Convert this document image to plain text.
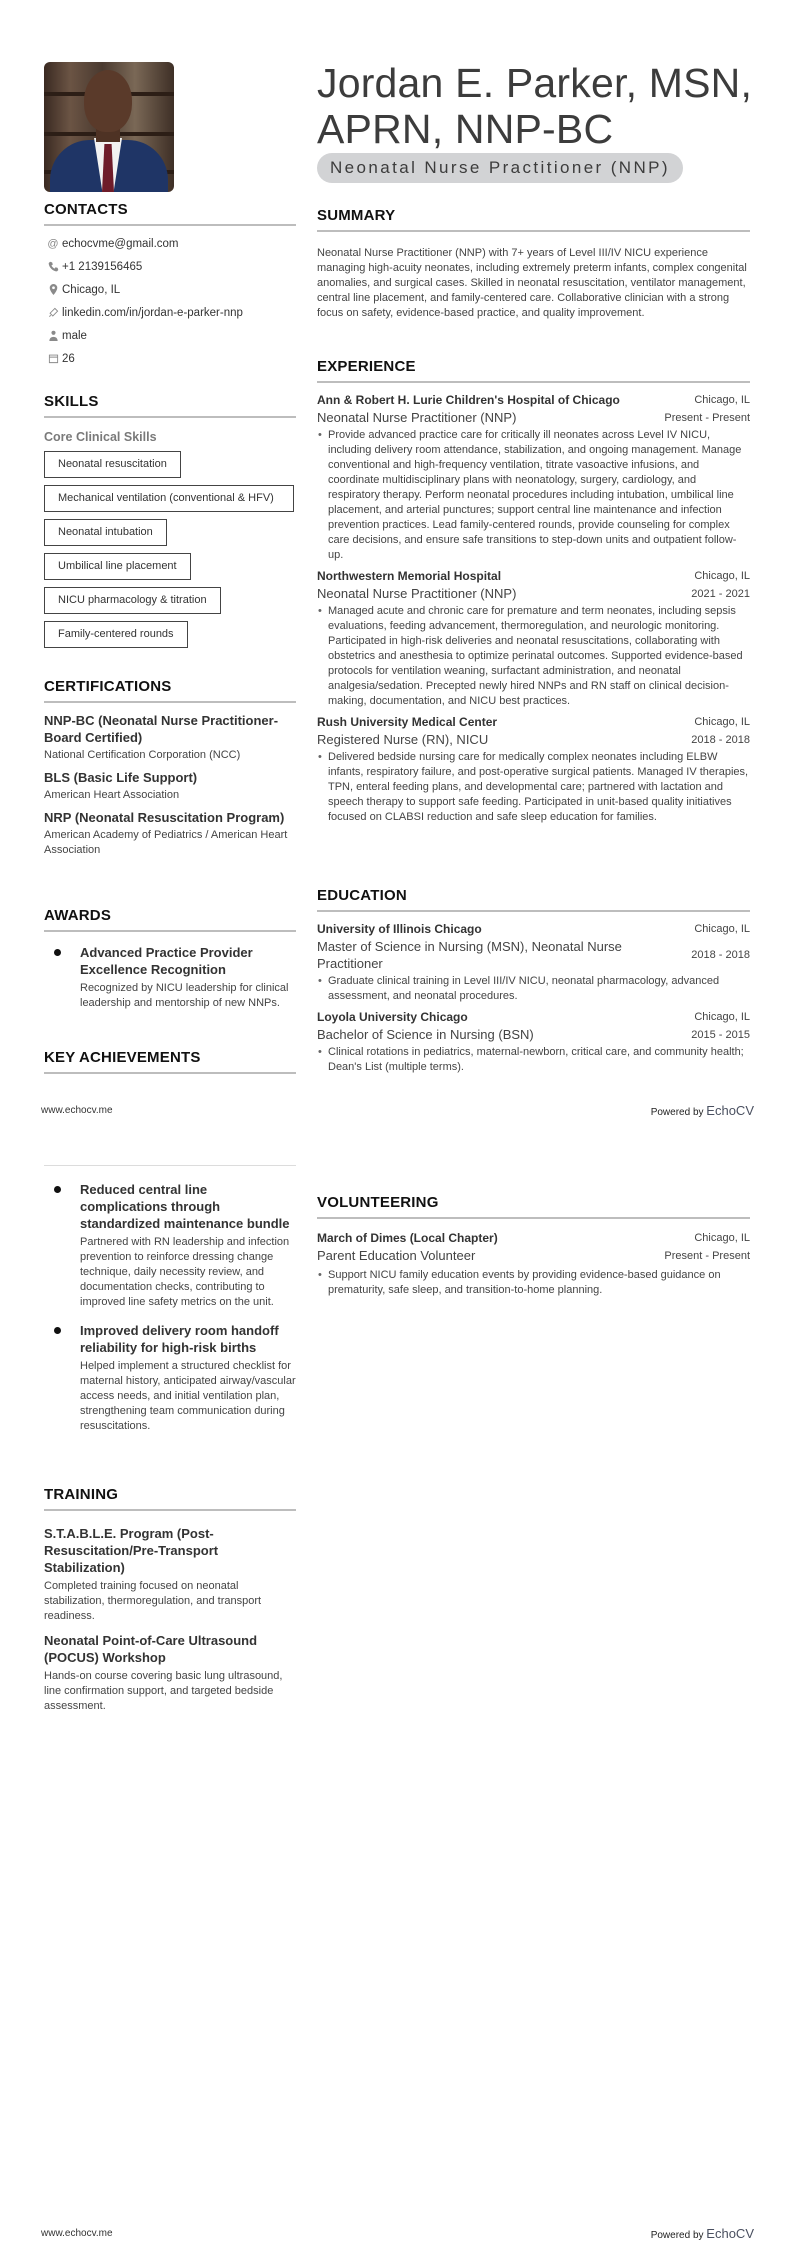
Jordan E. Parker, MSN, APRN, NNP-BC
Neonatal Nurse Practitioner (NNP)
CONTACTS
@ echocvme@gmail.com
+1 2139156465
Chicago, IL
linkedin.com/in/jordan-e-parker-nnp
male
26
SKILLS
Core Clinical Skills
Neonatal resuscitation
Mechanical ventilation (conventional & HFV)
Neonatal intubation
Umbilical line placement
NICU pharmacology & titration
Family-centered rounds
CERTIFICATIONS
NNP-BC (Neonatal Nurse Practitioner-Board Certified)
National Certification Corporation (NCC)
BLS (Basic Life Support)
American Heart Association
NRP (Neonatal Resuscitation Program)
American Academy of Pediatrics / American Heart Association
AWARDS
Advanced Practice Provider Excellence Recognition
Recognized by NICU leadership for clinical leadership and mentorship of new NNPs.
KEY ACHIEVEMENTS
SUMMARY
Neonatal Nurse Practitioner (NNP) with 7+ years of Level III/IV NICU experience managing high-acuity neonates, including extremely preterm infants, complex congenital anomalies, and surgical cases. Skilled in neonatal resuscitation, ventilator management, central line placement, and family-centered care. Collaborative clinician with a strong focus on safety, evidence-based practice, and quality improvement.
EXPERIENCE
Ann & Robert H. Lurie Children's Hospital of Chicago	Chicago, IL
Neonatal Nurse Practitioner (NNP)	Present - Present
• Provide advanced practice care for critically ill neonates across Level IV NICU, including delivery room attendance, stabilization, and ongoing management. Manage conventional and high-frequency ventilation, titrate vasoactive infusions, and coordinate multidisciplinary plans with neonatology, surgery, cardiology, and respiratory therapy. Perform neonatal procedures including intubation, umbilical line placement, and arterial punctures; support central line maintenance and infection prevention practices. Lead family-centered rounds, provide counseling for complex care decisions, and ensure safe transitions to step-down units and outpatient follow-up.
Northwestern Memorial Hospital	Chicago, IL
Neonatal Nurse Practitioner (NNP)	2021 - 2021
• Managed acute and chronic care for premature and term neonates, including sepsis evaluations, feeding advancement, thermoregulation, and neurologic monitoring. Participated in high-risk deliveries and neonatal resuscitations, collaborating with obstetrics and anesthesia to optimize perinatal outcomes. Supported evidence-based protocols for ventilation weaning, surfactant administration, and neonatal analgesia/sedation. Precepted newly hired NNPs and RN staff on clinical decision-making, documentation, and NICU best practices.
Rush University Medical Center	Chicago, IL
Registered Nurse (RN), NICU	2018 - 2018
• Delivered bedside nursing care for medically complex neonates including ELBW infants, respiratory failure, and post-operative surgical patients. Managed IV therapies, TPN, enteral feeding plans, and developmental care; partnered with lactation and speech therapy to support safe feeding. Participated in unit-based quality initiatives focused on CLABSI reduction and safe sleep education for families.
EDUCATION
University of Illinois Chicago	Chicago, IL
Master of Science in Nursing (MSN), Neonatal Nurse Practitioner
2018 - 2018
• Graduate clinical training in Level III/IV NICU, neonatal pharmacology, advanced assessment, and neonatal procedures.
Loyola University Chicago	Chicago, IL
Bachelor of Science in Nursing (BSN)	2015 - 2015
• Clinical rotations in pediatrics, maternal-newborn, critical care, and community health; Dean's List (multiple terms).
www.echocv.me	Powered by EchoCV
Reduced central line complications through standardized maintenance bundle
Partnered with RN leadership and infection prevention to reinforce dressing change technique, daily necessity review, and documentation checks, contributing to improved line safety metrics on the unit.
Improved delivery room handoff reliability for high-risk births
Helped implement a structured checklist for maternal history, anticipated airway/vascular access needs, and initial ventilation plan, strengthening team communication during resuscitations.
TRAINING
S.T.A.B.L.E. Program (Post-Resuscitation/Pre-Transport Stabilization)
Completed training focused on neonatal stabilization, thermoregulation, and transport readiness.
Neonatal Point-of-Care Ultrasound (POCUS) Workshop
Hands-on course covering basic lung ultrasound, line confirmation support, and targeted bedside assessment.
VOLUNTEERING
March of Dimes (Local Chapter)	Chicago, IL
Parent Education Volunteer	Present - Present
• Support NICU family education events by providing evidence-based guidance on prematurity, safe sleep, and transition-to-home planning.
www.echocv.me	Powered by EchoCV
